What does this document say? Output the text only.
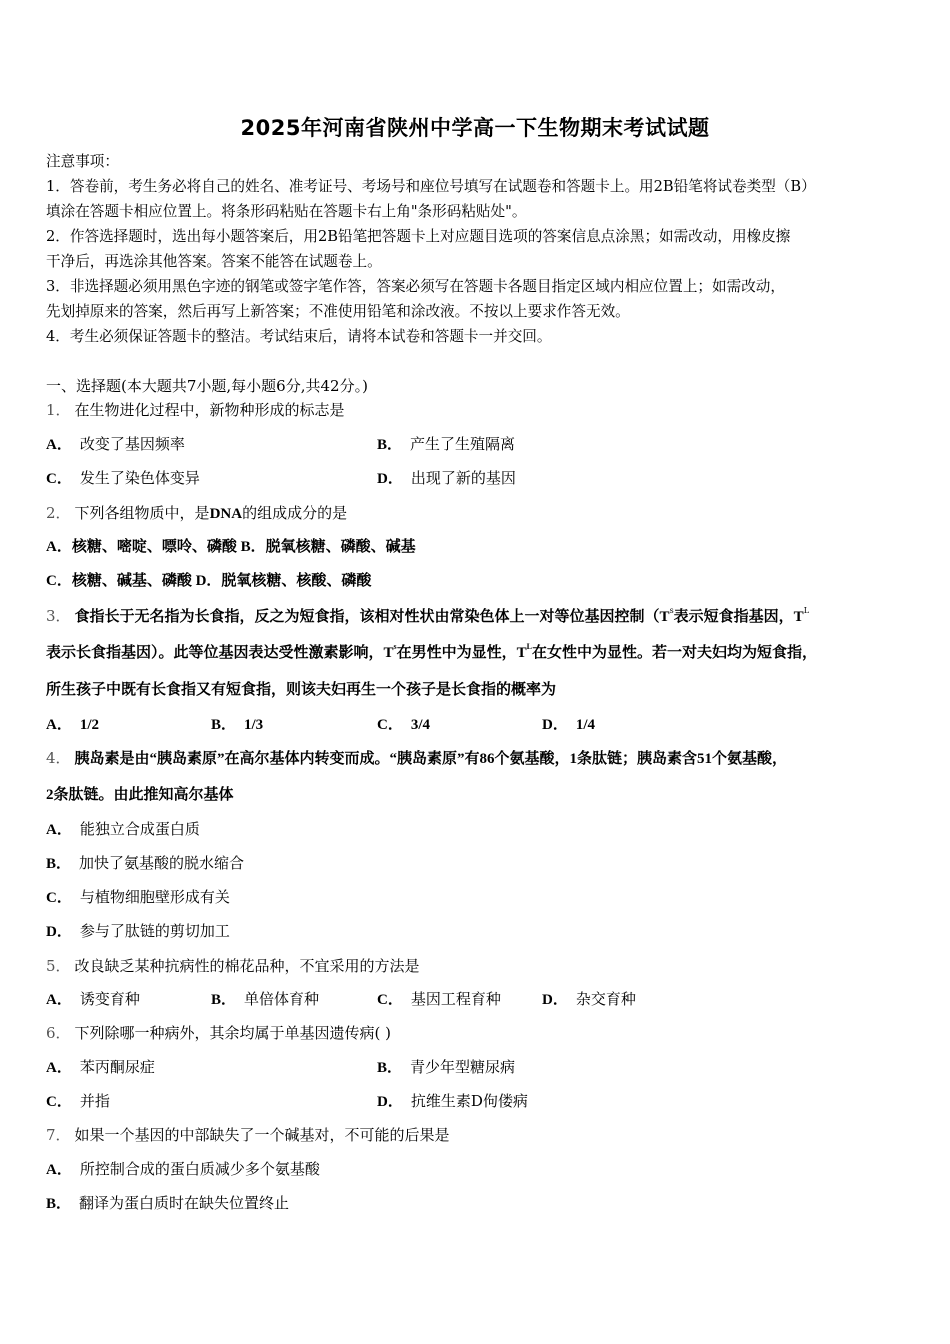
2025年河南省陕州中学高一下生物期末考试试题
注意事项：
1．答卷前，考生务必将自己的姓名、准考证号、考场号和座位号填写在试题卷和答题卡上。用2B铅笔将试卷类型（B）
填涂在答题卡相应位置上。将条形码粘贴在答题卡右上角"条形码粘贴处"。
2．作答选择题时，选出每小题答案后，用2B铅笔把答题卡上对应题目选项的答案信息点涂黑；如需改动，用橡皮擦
干净后，再选涂其他答案。答案不能答在试题卷上。
3．非选择题必须用黑色字迹的钢笔或签字笔作答，答案必须写在答题卡各题目指定区域内相应位置上；如需改动，
先划掉原来的答案，然后再写上新答案；不准使用铅笔和涂改液。不按以上要求作答无效。
4．考生必须保证答题卡的整洁。考试结束后，请将本试卷和答题卡一并交回。
一、选择题(本大题共7小题,每小题6分,共42分。)
1． 在生物进化过程中，新物种形成的标志是
A． 改变了基因频率	B． 产生了生殖隔离
C． 发生了染色体变异	D． 出现了新的基因
2． 下列各组物质中，是DNA的组成成分的是
A．核糖、嘧啶、嘌呤、磷酸 B．脱氧核糖、磷酸、碱基
C．核糖、碱基、磷酸 D．脱氧核糖、核酸、磷酸
3． 食指长于无名指为长食指，反之为短食指，该相对性状由常染色体上一对等位基因控制（$T^s$表示短食指基因，$T^L$
表示长食指基因）。此等位基因表达受性激素影响，$T^s$在男性中为显性，$T^L$在女性中为显性。若一对夫妇均为短食指，
所生孩子中既有长食指又有短食指，则该夫妇再生一个孩子是长食指的概率为
A． 1/2	B． 1/3	C． 3/4	D． 1/4
4． 胰岛素是由“胰岛素原”在高尔基体内转变而成。“胰岛素原”有86个氨基酸，1条肽链；胰岛素含51个氨基酸，
2条肽链。由此推知高尔基体
A． 能独立合成蛋白质
B． 加快了氨基酸的脱水缩合
C． 与植物细胞壁形成有关
D． 参与了肽链的剪切加工
5． 改良缺乏某种抗病性的棉花品种，不宜采用的方法是
A． 诱变育种	B． 单倍体育种	C． 基因工程育种	D． 杂交育种
6． 下列除哪一种病外，其余均属于单基因遗传病( )
A． 苯丙酮尿症	B． 青少年型糖尿病
C． 并指	D． 抗维生素D佝偻病
7． 如果一个基因的中部缺失了一个碱基对，不可能的后果是
A． 所控制合成的蛋白质减少多个氨基酸
B． 翻译为蛋白质时在缺失位置终止
